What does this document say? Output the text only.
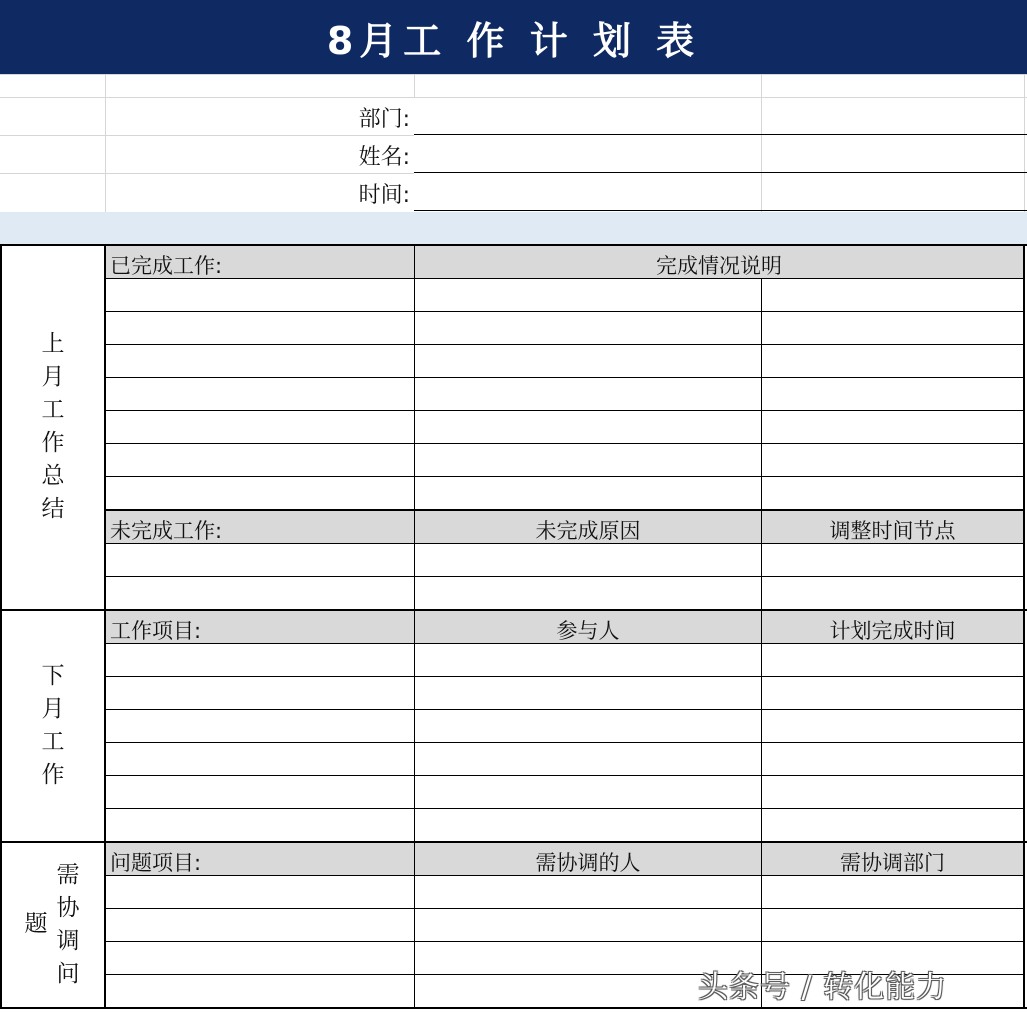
8月工 作 计 划 表
部门:
姓名:
时间:
上
月
工
作
总
结
已完成工作:	完成情况说明
未完成工作:	未完成原因	调整时间节点
下
月
工
作
工作项目:	参与人	计划完成时间
题
需
协
调
问
问题项目:	需协调的人	需协调部门
头条号 / 转化能力
